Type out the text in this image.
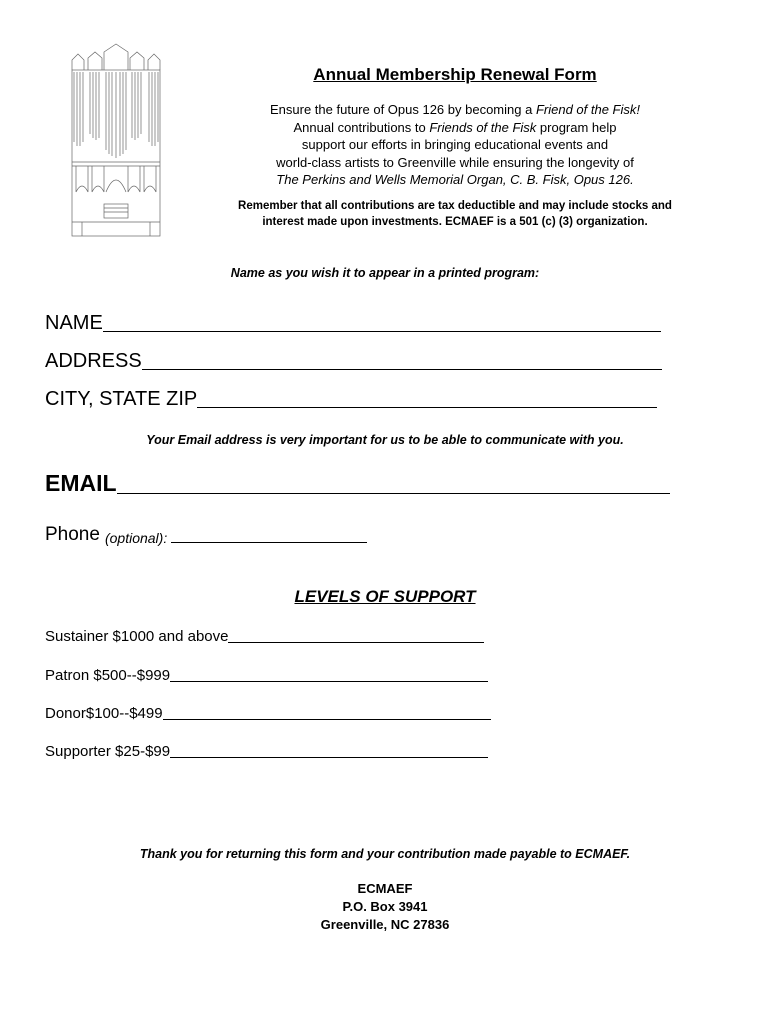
Annual Membership Renewal Form
Ensure the future of Opus 126 by becoming a Friend of the Fisk!
Annual contributions to Friends of the Fisk program help
support our efforts in bringing educational events and
world-class artists to Greenville while ensuring the longevity of
The Perkins and Wells Memorial Organ, C. B. Fisk, Opus 126.
Remember that all contributions are tax deductible and may include stocks and
interest made upon investments. ECMAEF is a 501 (c) (3) organization.
Name as you wish it to appear in a printed program:
NAME
ADDRESS
CITY, STATE ZIP
Your Email address is very important for us to be able to communicate with you.
EMAIL
Phone (optional):
LEVELS OF SUPPORT
Sustainer $1000 and above
Patron $500--$999
Donor$100--$499
Supporter $25-$99
Thank you for returning this form and your contribution made payable to ECMAEF.
ECMAEF
P.O. Box 3941
Greenville, NC 27836
